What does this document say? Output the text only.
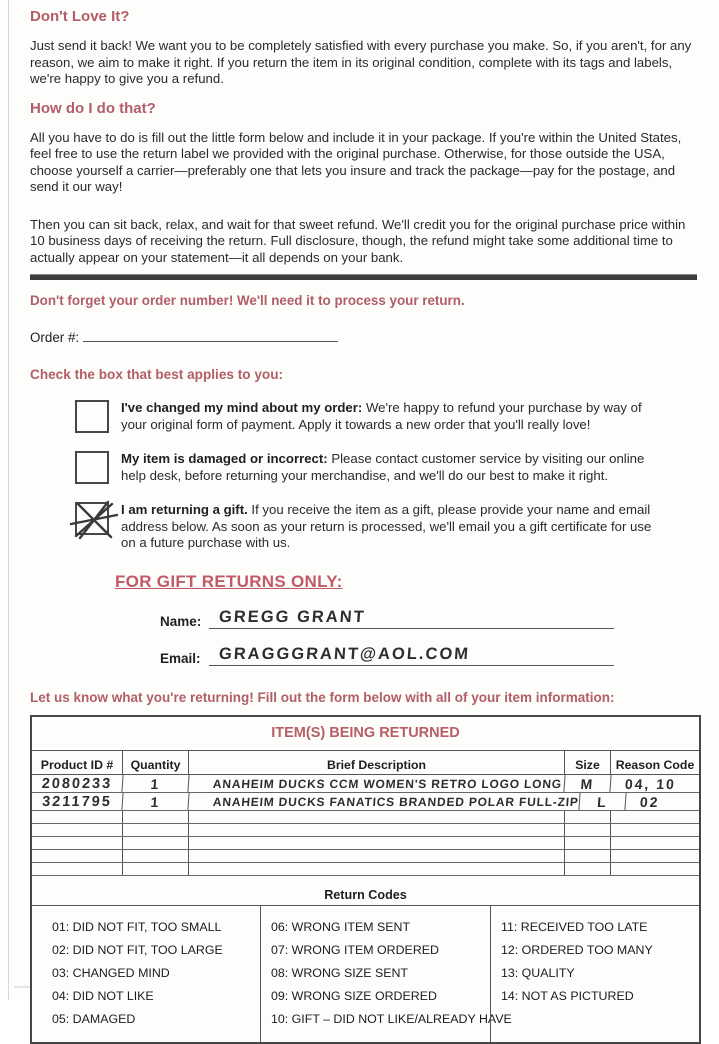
Don't Love It?

Just send it back! We want you to be completely satisfied with every purchase you make. So, if you aren't, for any reason, we aim to make it right. If you return the item in its original condition, complete with its tags and labels, we're happy to give you a refund.

How do I do that?

All you have to do is fill out the little form below and include it in your package. If you're within the United States, feel free to use the return label we provided with the original purchase. Otherwise, for those outside the USA, choose yourself a carrier—preferably one that lets you insure and track the package—pay for the postage, and send it our way!

Then you can sit back, relax, and wait for that sweet refund. We'll credit you for the original purchase price within 10 business days of receiving the return. Full disclosure, though, the refund might take some additional time to actually appear on your statement—it all depends on your bank.

Don't forget your order number! We'll need it to process your return.

Order #:

Check the box that best applies to you:

I've changed my mind about my order: We're happy to refund your purchase by way of your original form of payment. Apply it towards a new order that you'll really love!
My item is damaged or incorrect: Please contact customer service by visiting our online help desk, before returning your merchandise, and we'll do our best to make it right.
I am returning a gift. If you receive the item as a gift, please provide your name and email address below. As soon as your return is processed, we'll email you a gift certificate for use on a future purchase with us.
FOR GIFT RETURNS ONLY:
Name: GREGG GRANT
Email: GRAGGGRANT@AOL.COM

Let us know what you're returning! Fill out the form below with all of your item information:

ITEM(S) BEING RETURNED
Product ID #	Quantity	Brief Description	Size	Reason Code
2080233	1	ANAHEIM DUCKS CCM WOMEN'S RETRO LOGO LONG	M	04, 10
3211795	1	ANAHEIM DUCKS FANATICS BRANDED POLAR FULL-ZIP	L	02
Return Codes
01: DID NOT FIT, TOO SMALL
02: DID NOT FIT, TOO LARGE
03: CHANGED MIND
04: DID NOT LIKE
05: DAMAGED
06: WRONG ITEM SENT
07: WRONG ITEM ORDERED
08: WRONG SIZE SENT
09: WRONG SIZE ORDERED
10: GIFT – DID NOT LIKE/ALREADY HAVE
11: RECEIVED TOO LATE
12: ORDERED TOO MANY
13: QUALITY
14: NOT AS PICTURED
